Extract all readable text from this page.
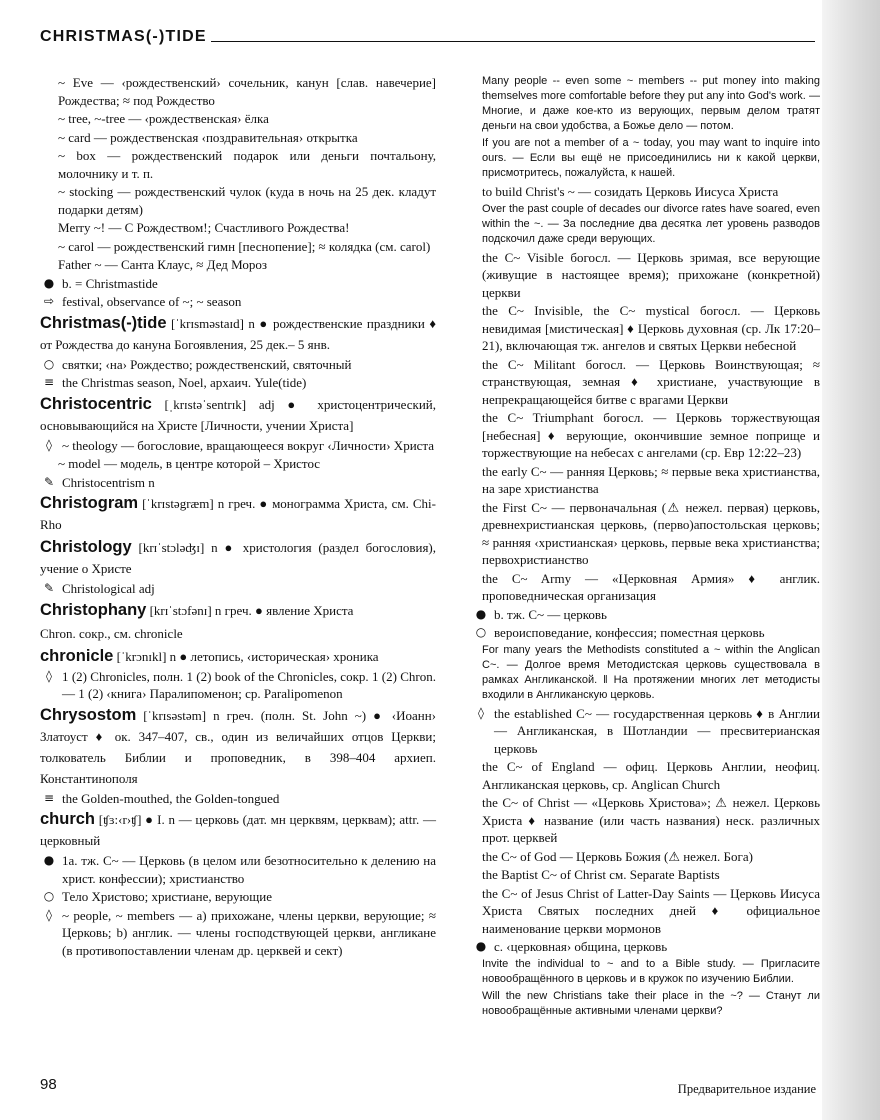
CHRISTMAS(-)TIDE
~ Eve — ‹рождественский› сочельник, канун [слав. навечерие] Рождества; ≈ под Рождество
~ tree, ~-tree — ‹рождественская› ёлка
~ card — рождественская ‹поздравительная› открытка
~ box — рождественский подарок или деньги почтальону, молочнику и т. п.
~ stocking — рождественский чулок (куда в ночь на 25 дек. кладут подарки детям)
Merry ~! — С Рождеством!; Счастливого Рождества!
~ carol — рождественский гимн [песнопение]; ≈ колядка (см. carol)
Father ~ — Санта Клаус, ≈ Дед Мороз
● b. = Christmastide
⇨ festival, observance of ~; ~ season
Christmas(-)tide [ˈkrɪsməstaɪd] n ● рождественские праздники ♦ от Рождества до кануна Богоявления, 25 дек.– 5 янв.
○ святки; ‹на› Рождество; рождественский, святочный
≡ the Christmas season, Noel, архаич. Yule(tide)
Christocentric [ˌkrɪstəˈsentrɪk] adj ● христоцентрический, основывающийся на Христе [Личности, учении Христа]
◊ ~ theology — богословие, вращающееся вокруг ‹Личности› Христа
~ model — модель, в центре которой – Христос
✎ Christocentrism n
Christogram [ˈkrɪstəgræm] n греч. ● монограмма Христа, см. Chi-Rho
Christology [krɪˈstɔləʤɪ] n ● христология (раздел богословия), учение о Христе
✎ Christological adj
Christophany [krɪˈstɔfənɪ] n греч. ● явление Христа
Chron. сокр., см. chronicle
chronicle [ˈkrɔnɪkl] n ● летопись, ‹историческая› хроника
◊ 1 (2) Chronicles, полн. 1 (2) book of the Chronicles, сокр. 1 (2) Chron. — 1 (2) ‹книга› Паралипоменон; ср. Paralipomenon
Chrysostom [ˈkrɪsəstəm] n греч. (полн. St. John ~) ● ‹Иоанн› Златоуст ♦ ок. 347–407, св., один из величайших отцов Церкви; толкователь Библии и проповедник, в 398–404 архиеп. Константинополя
≡ the Golden-mouthed, the Golden-tongued
church [ʧɜ:‹r›ʧ] ● I. n — церковь (дат. мн церквям, церквам); attr. — церковный
● 1a. тж. C~ — Церковь (в целом или безотносительно к делению на христ. конфессии); христианство
○ Тело Христово; христиане, верующие
◊ ~ people, ~ members — a) прихожане, члены церкви, верующие; ≈ Церковь; b) англик. — члены господствующей церкви, англикане (в противопоставлении членам др. церквей и сект)
Many people -- even some ~ members -- put money into making themselves more comfortable before they put any into God's work. — Многие, и даже кое-кто из верующих, первым делом тратят деньги на свои удобства, а Божье дело — потом.
If you are not a member of a ~ today, you may want to inquire into ours. — Если вы ещё не присоединились ни к какой церкви, присмотритесь, пожалуйста, к нашей.
to build Christ's ~ — созидать Церковь Иисуса Христа
Over the past couple of decades our divorce rates have soared, even within the ~. — За последние два десятка лет уровень разводов подскочил даже среди верующих.
the C~ Visible богосл. — Церковь зримая, все верующие (живущие в настоящее время); прихожане (конкретной) церкви
the C~ Invisible, the C~ mystical богосл. — Церковь невидимая [мистическая] ♦ Церковь духовная (ср. Лк 17:20–21), включающая тж. ангелов и святых Церкви небесной
the C~ Militant богосл. — Церковь Воинствующая; ≈ странствующая, земная ♦ христиане, участвующие в непрекращающейся битве с врагами Церкви
the C~ Triumphant богосл. — Церковь торжествующая [небесная] ♦ верующие, окончившие земное поприще и торжествующие на небесах с ангелами (ср. Евр 12:22–23)
the early C~ — ранняя Церковь; ≈ первые века христианства, на заре христианства
the First C~ — первоначальная (⚠ нежел. первая) церковь, древнехристианская церковь, (перво)апостольская церковь; ≈ ранняя ‹христианская› церковь, первые века христианства; первохристианство
the C~ Army — «Церковная Армия» ♦ англик. проповедническая организация
● b. тж. C~ — церковь
○ вероисповедание, конфессия; поместная церковь
For many years the Methodists constituted a ~ within the Anglican C~. — Долгое время Методистская церковь существовала в рамках Англиканской. ‖ На протяжении многих лет методисты входили в Англиканскую церковь.
◊ the established C~ — государственная церковь ♦ в Англии — Англиканская, в Шотландии — пресвитерианская церковь
the C~ of England — офиц. Церковь Англии, неофиц. Англиканская церковь, ср. Anglican Church
the C~ of Christ — «Церковь Христова»; ⚠ нежел. Церковь Христа ♦ название (или часть названия) неск. различных прот. церквей
the C~ of God — Церковь Божия (⚠ нежел. Бога)
the Baptist C~ of Christ см. Separate Baptists
the C~ of Jesus Christ of Latter-Day Saints — Церковь Иисуса Христа Святых последних дней ♦ официальное наименование церкви мормонов
● c. ‹церковная› община, церковь
Invite the individual to ~ and to a Bible study. — Пригласите новообращённого в церковь и в кружок по изучению Библии.
Will the new Christians take their place in the ~? — Станут ли новообращённые активными членами церкви?
98	Предварительное издание
